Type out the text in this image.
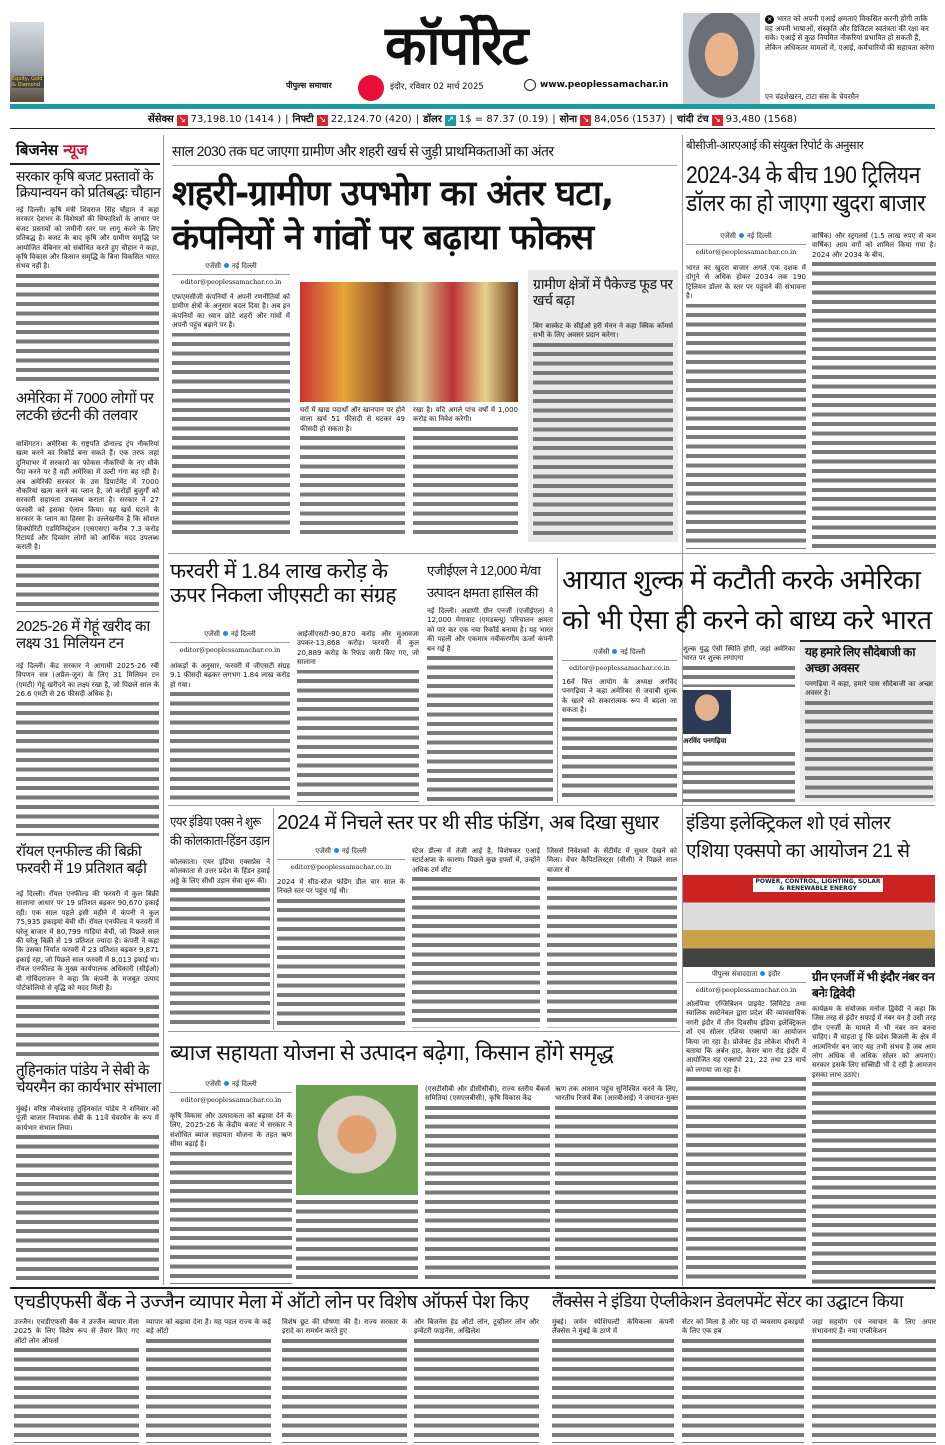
Equity, Gold & Diamond
कॉर्पोरेट
पीपुल्स समाचार	इंदौर, रविवार 02 मार्च 2025	www.peoplessamachar.in
✕ भारत को अपनी एआई क्षमताएं विकसित करनी होंगी ताकि वह अपनी भाषाओं, संस्कृति और डिजिटल स्वतंत्रता की रक्षा कर सके। एआई से कुछ नियमित नौकरियां प्रभावित हो सकती हैं, लेकिन अधिकतर मामलों में, एआई, कर्मचारियों की सहायता करेगा
एन चंद्रशेखरन, टाटा संस के चेयरमैन
सेंसेक्स ↘ 73,198.10 (1414 ) | निफ्टी ↘ 22,124.70 (420) | डॉलर ↗ 1$ = 87.37 (0.19) | सोना ↘ 84,056 (1537) | चांदी टंच ↘ 93,480 (1568)
बिजनेस न्यूज
सरकार कृषि बजट प्रस्तावों के क्रियान्वयन को प्रतिबद्धः चौहान

नई दिल्ली। कृषि मंत्री शिवराज सिंह चौहान ने कहा सरकार देशभर के विशेषज्ञों की सिफारिशों के आधार पर बजट प्रस्तावों को जमीनी स्तर पर लागू करने के लिए प्रतिबद्ध है। बजट के बाद कृषि और ग्रामीण समृद्धि पर आयोजित वेबिनार को संबोधित करते हुए चौहान ने कहा, कृषि विकास और किसान समृद्धि के बिना विकसित भारत संभव नहीं है।

अमेरिका में 7000 लोगों पर लटकी छंटनी की तलवार

वाशिंगटन। अमेरिका के राष्ट्रपति डोनाल्ड ट्रंप नौकरियां खत्म करने का रिकॉर्ड बना सकते हैं। एक तरफ जहां दुनियाभर में सरकारों का फोकस नौकरियों के नए मौके पैदा करने पर है वहीं अमेरिका में उल्टी गंगा बह रही है। अब अमेरिकी सरकार के उस डिपार्टमेंट में 7000 नौकरियां खत्म करने का प्लान है, जो करोड़ों बुजुर्गों को सरकारी सहायता उपलब्ध कराता है। सरकार ने 27 फरवरी को इसका ऐलान किया। यह खर्च घटाने के सरकार के प्लान का हिस्सा है। उल्लेखनीय है कि सोशल सिक्योरिटी एडमिनिस्ट्रेशन (एसएसए) करीब 7.3 करोड़ रिटायर्ड और दिव्यांग लोगों को आर्थिक मदद उपलब्ध कराती है।

2025-26 में गेहूं खरीद का लक्ष्य 31 मिलियन टन

नई दिल्ली। केंद्र सरकार ने आगामी 2025-26 रबी विपणन सत्र (अप्रैल-जून) के लिए 31 मिलियन टन (एमटी) गेहूं खरीदने का लक्ष्य रखा है, जो पिछले साल के 26.6 एमटी से 26 फीसदी अधिक है।

रॉयल एनफील्ड की बिक्री फरवरी में 19 प्रतिशत बढ़ी

नई दिल्ली। रॉयल एनफील्ड की फरवरी में कुल बिक्री सालाना आधार पर 19 प्रतिशत बढ़कर 90,670 इकाई रही। एक साल पहले इसी महीने में कंपनी ने कुल 75,935 इकाइयां बेची थीं। रॉयल एनफील्ड ने फरवरी में घरेलू बाजार में 80,799 गाड़ियां बेचीं, जो पिछले साल की घरेलू बिक्री से 19 प्रतिशत ज्यादा है। कंपनी ने कहा कि उसका निर्यात फरवरी में 23 प्रतिशत बढ़कर 9,871 इकाई रहा, जो पिछले साल फरवरी में 8,013 इकाई था। रॉयल एनफील्ड के मुख्य कार्यपालक अधिकारी (सीईओ) बी गोविंदराजन ने कहा कि कंपनी के मजबूत उत्पाद पोर्टफोलियो से वृद्धि को मदद मिली है।

तुहिनकांत पांडेय ने सेबी के चेयरमैन का कार्यभार संभाला

मुंबई। वरिष्ठ नौकरशाह तुहिनकांत पांडेय ने शनिवार को पूंजी बाजार नियामक सेबी के 11वें चेयरमैन के रूप में कार्यभार संभाल लिया।

साल 2030 तक घट जाएगा ग्रामीण और शहरी खर्च से जुड़ी प्राथमिकताओं का अंतर
शहरी-ग्रामीण उपभोग का अंतर घटा, कंपनियों ने गांवों पर बढ़ाया फोकस
एजेंसी नई दिल्ली
editor@peoplessamachar.co.in

एफएमसीजी कंपनियों ने अपनी रणनीतियों को ग्रामीण क्षेत्रों के अनुसार बदल दिया है। अब इन कंपनियों का ध्यान छोटे शहरों और गांवों में अपनी पहुंच बढ़ाने पर है।

घरों में खाद्य पदार्थों और खानपान पर होने वाला खर्च 51 फीसदी से घटकर 49 फीसदी हो सकता है।

रखा है। यदि अगले पांच वर्षों में 1,000 करोड़ का निवेश करेगी।

ग्रामीण क्षेत्रों में पैकेज्ड फूड पर खर्च बढ़ा

बिग बास्केट के सीईओ हरी मेनन ने कहा क्विक कॉमर्स सभी के लिए अवसर प्रदान करेगा।

बीसीजी-आरएआई की संयुक्त रिपोर्ट के अनुसार
2024-34 के बीच 190 ट्रिलियन डॉलर का हो जाएगा खुदरा बाजार
एजेंसी नई दिल्ली
editor@peoplessamachar.co.in

भारत का खुदरा बाजार अगले एक दशक में दोगुने से अधिक होकर 2034 तक 190 ट्रिलियन डॉलर के स्तर पर पहुंचने की संभावना है।

वार्षिक) और स्ट्रगलर्स (1.5 लाख रुपए से कम वार्षिक) आय वर्गों को शामिल किया गया है। 2024 और 2034 के बीच,

फरवरी में 1.84 लाख करोड़ के ऊपर निकला जीएसटी का संग्रह
एजेंसी नई दिल्ली
editor@peoplessamachar.co.in

आंकड़ों के अनुसार, फरवरी में जीएसटी संग्रह 9.1 फीसदी बढ़कर लगभग 1.84 लाख करोड़ हो गया।

आईजीएसटी-90,870 करोड़ और मुआवजा उपकर-13,868 करोड़। फरवरी में कुल 20,889 करोड़ के रिफंड जारी किए गए, जो सालाना

एजीईएल ने 12,000 मे/वा उत्पादन क्षमता हासिल की

नई दिल्ली। अडाणी ग्रीन एनर्जी (एजीईएल) ने 12,000 मेगावाट (एमडब्ल्यू) परिचालन क्षमता को पार कर एक नया रिकॉर्ड बनाया है। यह भारत की पहली और एकमात्र नवीकरणीय ऊर्जा कंपनी बन गई है

आयात शुल्क में कटौती करके अमेरिका को भी ऐसा ही करने को बाध्य करे भारत
एजेंसी नई दिल्ली
editor@peoplessamachar.co.in

16वें वित्त आयोग के अध्यक्ष अरविंद पनगढ़िया ने कहा अमेरिका से जवाबी शुल्क के खतरे को सकारात्मक रूप में बदला जा सकता है।

शुल्क युद्ध ऐसी स्थिति होगी, जहां अमेरिका भारत पर शुल्क लगाएगा

अरविंद पनगढ़िया
यह हमारे लिए सौदेबाजी का अच्छा अवसर

पनगढ़िया ने कहा, हमारे पास सौदेबाजी का अच्छा अवसर है।

एयर इंडिया एक्स ने शुरू की कोलकाता-हिंडन उड़ान

कोलकाता। एयर इंडिया एक्सप्रेस ने कोलकाता से उत्तर प्रदेश के हिंडन हवाई अड्डे के लिए सीधी उड़ान सेवा शुरू की।

2024 में निचले स्तर पर थी सीड फंडिंग, अब दिखा सुधार
एजेंसी नई दिल्ली
editor@peoplessamachar.co.in

2024 में सीड-स्टेज फंडिंग डील चार साल के निचले स्तर पर पहुंच गई थी।

स्टेज डील्स में तेजी आई है, विशेषकर एआई स्टार्टअप्स के कारण। पिछले कुछ हफ्तों में, उन्होंने अधिक टर्म शीट

जिससे निवेशकों के सेंटीमेंट में सुधार देखने को मिला। वेंचर कैपिटलिस्ट्स (वीसी) ने पिछले साल बाजार से

इंडिया इलेक्ट्रिकल शो एवं सोलर एशिया एक्सपो का आयोजन 21 से
POWER, CONTROL, LIGHTING, SOLAR & RENEWABLE ENERGY
पीपुल्स संवाददाता इंदौर
editor@peoplessamachar.co.in

ओलंपिया एग्जिबिशन प्राइवेट लिमिटेड तथा स्वालिक सस्टेनेबल द्वारा प्रदेश की व्यावसायिक नगरी इंदौर में तीन दिवसीय इंडिया इलेक्ट्रिकल शो एवं सोलर एशिया एक्सपो का आयोजन किया जा रहा है। प्रोजेक्ट हेड लोकेश चौधरी ने बताया कि अर्बन हाट, केसर बाग रोड इंदौर में आयोजित यह एक्सपो 21, 22 तथा 23 मार्च को लगाया जा रहा है।

ग्रीन एनर्जी में भी इंदौर नंबर वन बनेः द्विवेदी

कार्यक्रम के संयोजक मनोज द्विवेदी ने कहा कि जिस तरह से इंदौर सफाई में नंबर वन है उसी तरह ग्रीन एनर्जी के मामले में भी नंबर वन बनना चाहिए। मैं चाहता हूं कि प्रदेश बिजली के क्षेत्र में आत्मनिर्भर बन जाए यह तभी संभव है जब आम लोग अधिक से अधिक सोलर को अपनाएं। सरकार इसके लिए सब्सिडी भी दे रही है आमजन इसका लाभ उठाएं।

ब्याज सहायता योजना से उत्पादन बढ़ेगा, किसान होंगे समृद्ध
एजेंसी नई दिल्ली
editor@peoplessamachar.co.in

कृषि विकास और उत्पादकता को बढ़ावा देने के लिए, 2025-26 के केंद्रीय बजट में सरकार ने संशोधित ब्याज सहायता योजना के तहत ऋण सीमा बढ़ाई है।

(एसटीसीबी और डीसीसीबी), राज्य स्तरीय बैंकर्स समितियां (एसएलबीसी), कृषि विकास केंद्र

ऋण तक आसान पहुंच सुनिश्चित करने के लिए, भारतीय रिजर्व बैंक (आरबीआई) ने जमानत-मुक्त

एचडीएफसी बैंक ने उज्जैन व्यापार मेला में ऑटो लोन पर विशेष ऑफर्स पेश किए

उज्जैन। एचडीएफसी बैंक ने उज्जैन व्यापार मेला 2025 के लिए विशेष रूप से तैयार किए गए ऑटो लोन ऑफर्स

व्यापार को बढ़ावा देना है। यह पहल राज्य के कई बड़े ऑटो

विशेष छूट की घोषणा की है। राज्य सरकार के इरादे का समर्थन करते हुए

और बिजनेस हेड ऑटो लोन, टूव्हीलर लोन और इन्वेंटरी फाइनेंस, अखिलेश

लैंक्सेस ने इंडिया ऐप्लीकेशन डेवलपमेंट सेंटर का उद्घाटन किया

मुंबई। जर्मन स्पेशियल्टी केमिकल्स कंपनी लैंक्सेस ने मुंबई के ठाणे में

सेंटर को मिला है और यह दो व्यवसाय इकाइयों के लिए एक हब

जहां सहयोग एवं नवाचार के लिए अपार संभावनाएं हैं। नया एप्लीकेशन
